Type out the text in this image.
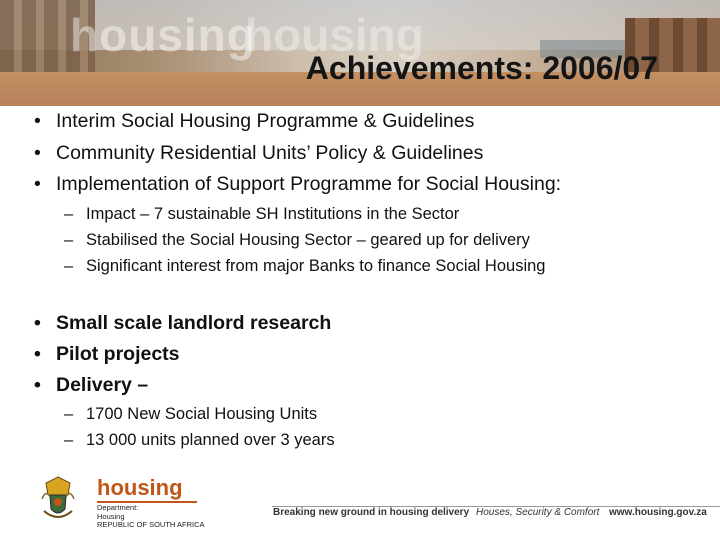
housing
housing
Achievements: 2006/07
• Interim Social Housing Programme & Guidelines
• Community Residential Units’ Policy & Guidelines
• Implementation of Support Programme for Social Housing:
– Impact – 7 sustainable SH Institutions in the Sector
– Stabilised the Social Housing Sector – geared up for delivery
– Significant interest from major Banks to finance Social Housing
• Small scale landlord research
• Pilot projects
• Delivery –
– 1700 New Social Housing Units
– 13 000 units planned over 3 years
housing
Department:
Housing
REPUBLIC OF SOUTH AFRICA
Breaking new ground in housing delivery Houses, Security & Comfort www.housing.gov.za
